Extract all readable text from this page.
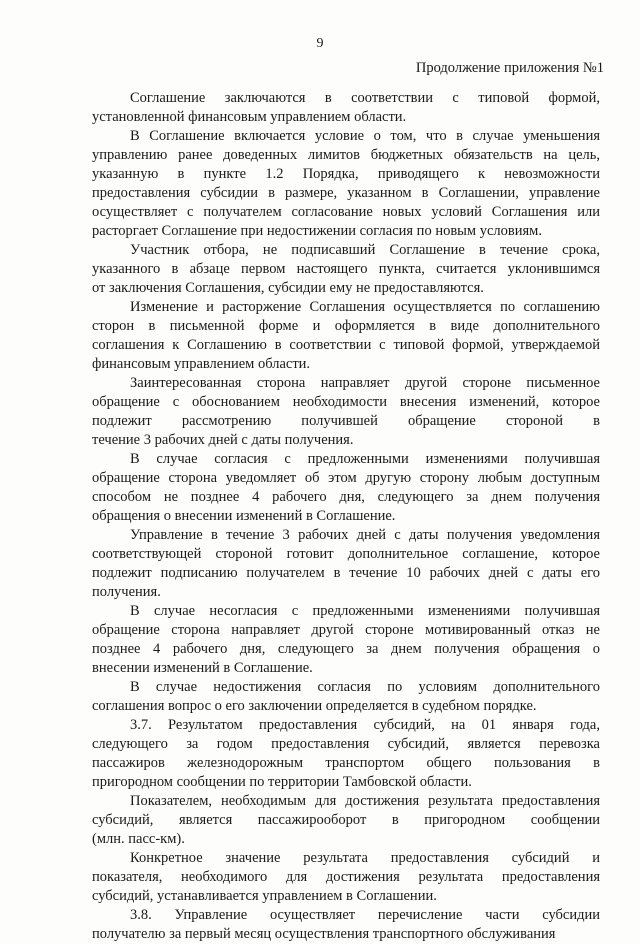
9
Продолжение приложения №1
Соглашение заключаются в соответствии с типовой формой,
установленной финансовым управлением области.
В Соглашение включается условие о том, что в случае уменьшения
управлению ранее доведенных лимитов бюджетных обязательств на цель,
указанную в пункте 1.2 Порядка, приводящего к невозможности
предоставления субсидии в размере, указанном в Соглашении, управление
осуществляет с получателем согласование новых условий Соглашения или
расторгает Соглашение при недостижении согласия по новым условиям.
Участник отбора, не подписавший Соглашение в течение срока,
указанного в абзаце первом настоящего пункта, считается уклонившимся
от заключения Соглашения, субсидии ему не предоставляются.
Изменение и расторжение Соглашения осуществляется по соглашению
сторон в письменной форме и оформляется в виде дополнительного
соглашения к Соглашению в соответствии с типовой формой, утверждаемой
финансовым управлением области.
Заинтересованная сторона направляет другой стороне письменное
обращение с обоснованием необходимости внесения изменений, которое
подлежит рассмотрению получившей обращение стороной в
течение 3 рабочих дней с даты получения.
В случае согласия с предложенными изменениями получившая
обращение сторона уведомляет об этом другую сторону любым доступным
способом не позднее 4 рабочего дня, следующего за днем получения
обращения о внесении изменений в Соглашение.
Управление в течение 3 рабочих дней с даты получения уведомления
соответствующей стороной готовит дополнительное соглашение, которое
подлежит подписанию получателем в течение 10 рабочих дней с даты его
получения.
В случае несогласия с предложенными изменениями получившая
обращение сторона направляет другой стороне мотивированный отказ не
позднее 4 рабочего дня, следующего за днем получения обращения о
внесении изменений в Соглашение.
В случае недостижения согласия по условиям дополнительного
соглашения вопрос о его заключении определяется в судебном порядке.
3.7. Результатом предоставления субсидий, на 01 января года,
следующего за годом предоставления субсидий, является перевозка
пассажиров железнодорожным транспортом общего пользования в
пригородном сообщении по территории Тамбовской области.
Показателем, необходимым для достижения результата предоставления
субсидий, является пассажирооборот в пригородном сообщении
(млн. пасс-км).
Конкретное значение результата предоставления субсидий и
показателя, необходимого для достижения результата предоставления
субсидий, устанавливается управлением в Соглашении.
3.8. Управление осуществляет перечисление части субсидии
получателю за первый месяц осуществления транспортного обслуживания
